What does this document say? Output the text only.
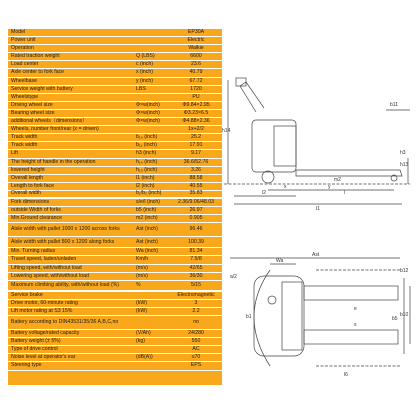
Model	EP30A
Power unit	Electric
Operation	Walkie
Rated traction weight	Q (LBS)	6600
Load center	c (inch)	23.6
Axle center to fork face	x (inch)	40.79
Wheelbase	y (inch)	67.72
Service weight with battery	LBS	1720
Wheelstype	PU
Driving wheel size	Φ×w(inch)	Φ9.84×2.95
Bearing wheel size	Φ×w(inch)	Φ3.23×6.5
additional wheels（dimensions）	Φ×w(inch)	Φ4.88×2.36
Wheels, number front/rear (x = driven)	1x+2/2
Track width	b₁₀ (inch)	25.2
Track width	b₁₁ (inch)	17.91
Lift	h3 (inch)	9.17
The height of handle in the operation	h₁₄ (inch)	36.6/52.76
lowered height	h₁₃ (inch)	3.26
Overall length	l1 (inch)	88.58
Length to fork face	l2 (inch)	40.55
Overall width	b₁/b₂ (inch)	35.83
Fork dimensions	s/e/l (inch)	2.36/9.06/48.03
outside Width of forks	b5 (inch)	26.97
Min.Ground clearance	m2 (inch)	0.905
Aisle width with pallet 1000 x 1200 across forks	Ast (inch)	96.46
Aisle width with pallet 800 x 1200 along forks	Ast (inch)	100.39
Min. Turning radius	Wa (inch)	81.34
Travel speed, laden/unladen	Km/h	7.5/8
Lifting speed, with/without load	(m/s)	42/65
Lowering speed, with/without load	(m/s)	36/30
Maximum climbing ability, with/without load (%)	%	5/15
Service brake	Electromagnetic
Drive motor, 60-minute rating	(kW)	3
Lift motor rating at S3 15%	(kW)	2.2
Battery according to DIN43531/35/36 A,B,C,no	no
Battery voltage/rated capacity	(V/Ah)	24/280
Battery weight (± 5%)	(kg)	550
Type of drive control	AC
Noise level at operator's ear	(dB(A))	≤70
Steering type	EPS
h14
h13
h3
m2
x	y
l2	l
l1
b11
Ast
Wa
a/2
b12
b5
b10
b1
e
s
l6
